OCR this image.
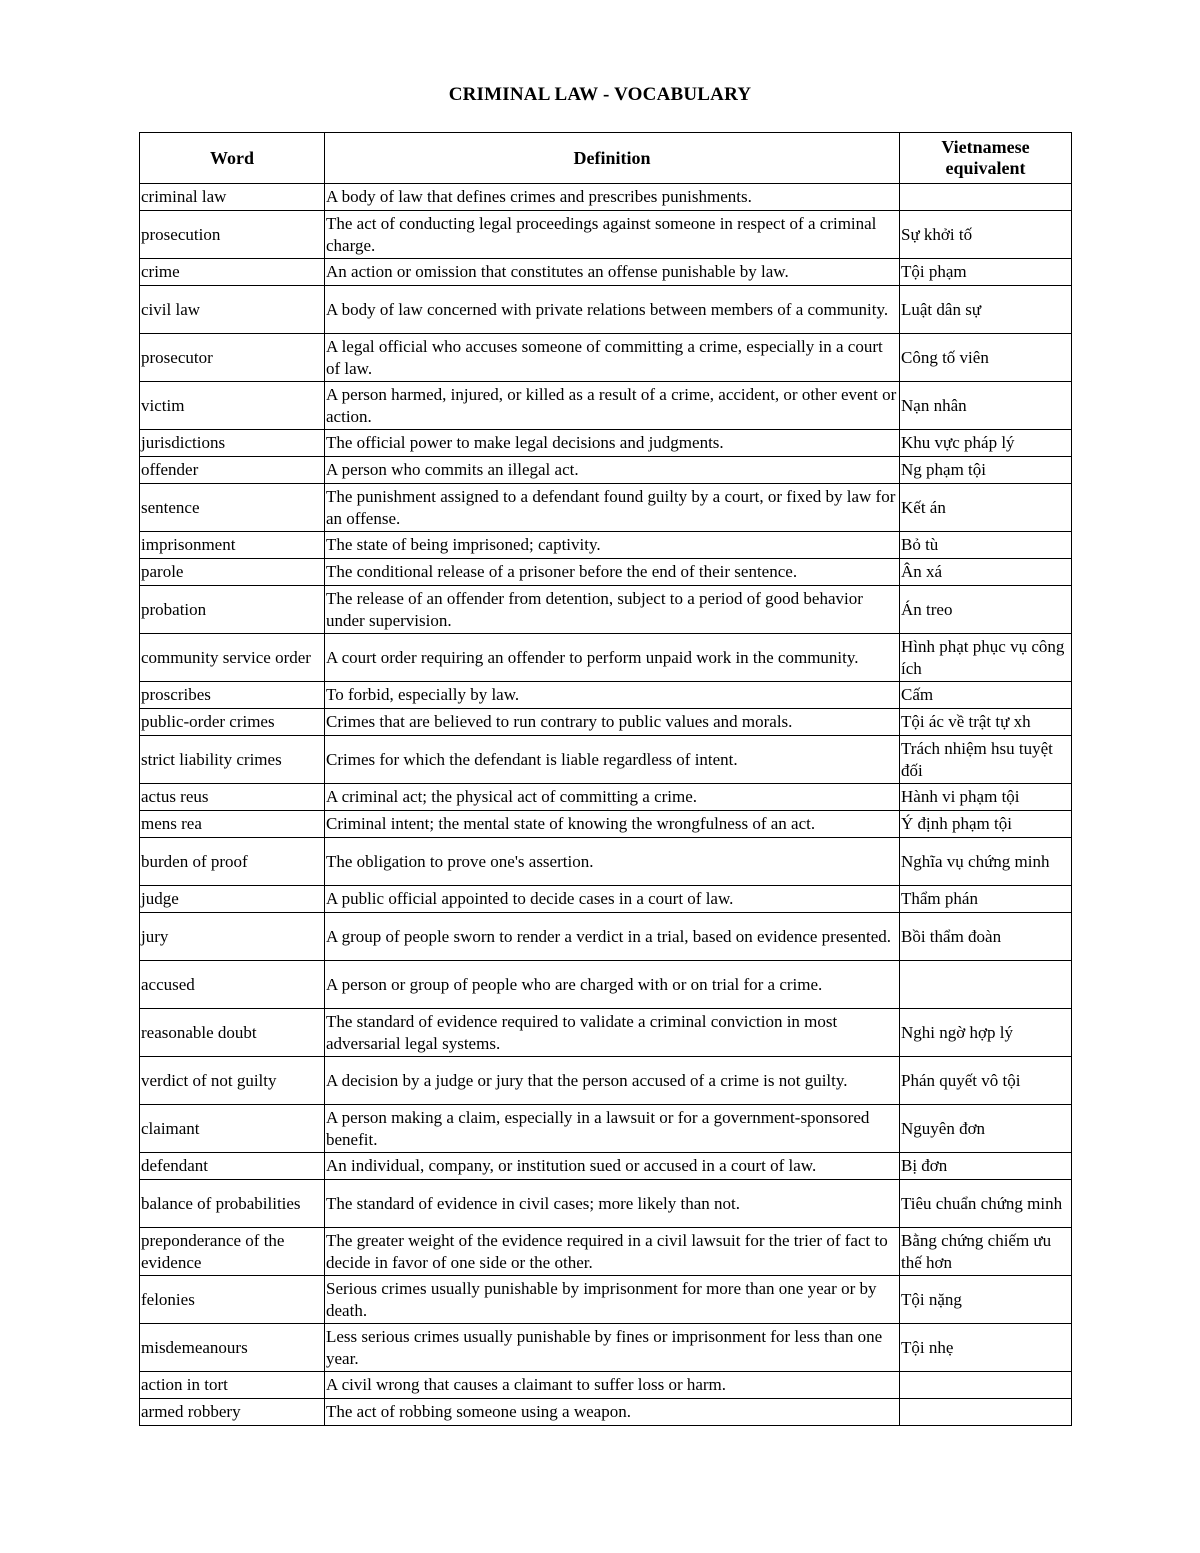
CRIMINAL LAW - VOCABULARY
Word	Definition	Vietnamese equivalent
criminal law	A body of law that defines crimes and prescribes punishments.	
prosecution	The act of conducting legal proceedings against someone in respect of a criminal charge.	Sự khởi tố
crime	An action or omission that constitutes an offense punishable by law.	Tội phạm
civil law	A body of law concerned with private relations between members of a community.	Luật dân sự
prosecutor	A legal official who accuses someone of committing a crime, especially in a court of law.	Công tố viên
victim	A person harmed, injured, or killed as a result of a crime, accident, or other event or action.	Nạn nhân
jurisdictions	The official power to make legal decisions and judgments.	Khu vực pháp lý
offender	A person who commits an illegal act.	Ng phạm tội
sentence	The punishment assigned to a defendant found guilty by a court, or fixed by law for an offense.	Kết án
imprisonment	The state of being imprisoned; captivity.	Bỏ tù
parole	The conditional release of a prisoner before the end of their sentence.	Ân xá
probation	The release of an offender from detention, subject to a period of good behavior under supervision.	Án treo
community service order	A court order requiring an offender to perform unpaid work in the community.	Hình phạt phục vụ công ích
proscribes	To forbid, especially by law.	Cấm
public-order crimes	Crimes that are believed to run contrary to public values and morals.	Tội ác về trật tự xh
strict liability crimes	Crimes for which the defendant is liable regardless of intent.	Trách nhiệm hsu tuyệt đối
actus reus	A criminal act; the physical act of committing a crime.	Hành vi phạm tội
mens rea	Criminal intent; the mental state of knowing the wrongfulness of an act.	Ý định phạm tội
burden of proof	The obligation to prove one's assertion.	Nghĩa vụ chứng minh
judge	A public official appointed to decide cases in a court of law.	Thẩm phán
jury	A group of people sworn to render a verdict in a trial, based on evidence presented.	Bồi thẩm đoàn
accused	A person or group of people who are charged with or on trial for a crime.	
reasonable doubt	The standard of evidence required to validate a criminal conviction in most adversarial legal systems.	Nghi ngờ hợp lý
verdict of not guilty	A decision by a judge or jury that the person accused of a crime is not guilty.	Phán quyết vô tội
claimant	A person making a claim, especially in a lawsuit or for a government-sponsored benefit.	Nguyên đơn
defendant	An individual, company, or institution sued or accused in a court of law.	Bị đơn
balance of probabilities	The standard of evidence in civil cases; more likely than not.	Tiêu chuẩn chứng minh
preponderance of the evidence	The greater weight of the evidence required in a civil lawsuit for the trier of fact to decide in favor of one side or the other.	Bằng chứng chiếm ưu thế hơn
felonies	Serious crimes usually punishable by imprisonment for more than one year or by death.	Tội nặng
misdemeanours	Less serious crimes usually punishable by fines or imprisonment for less than one year.	Tội nhẹ
action in tort	A civil wrong that causes a claimant to suffer loss or harm.	
armed robbery	The act of robbing someone using a weapon.	
